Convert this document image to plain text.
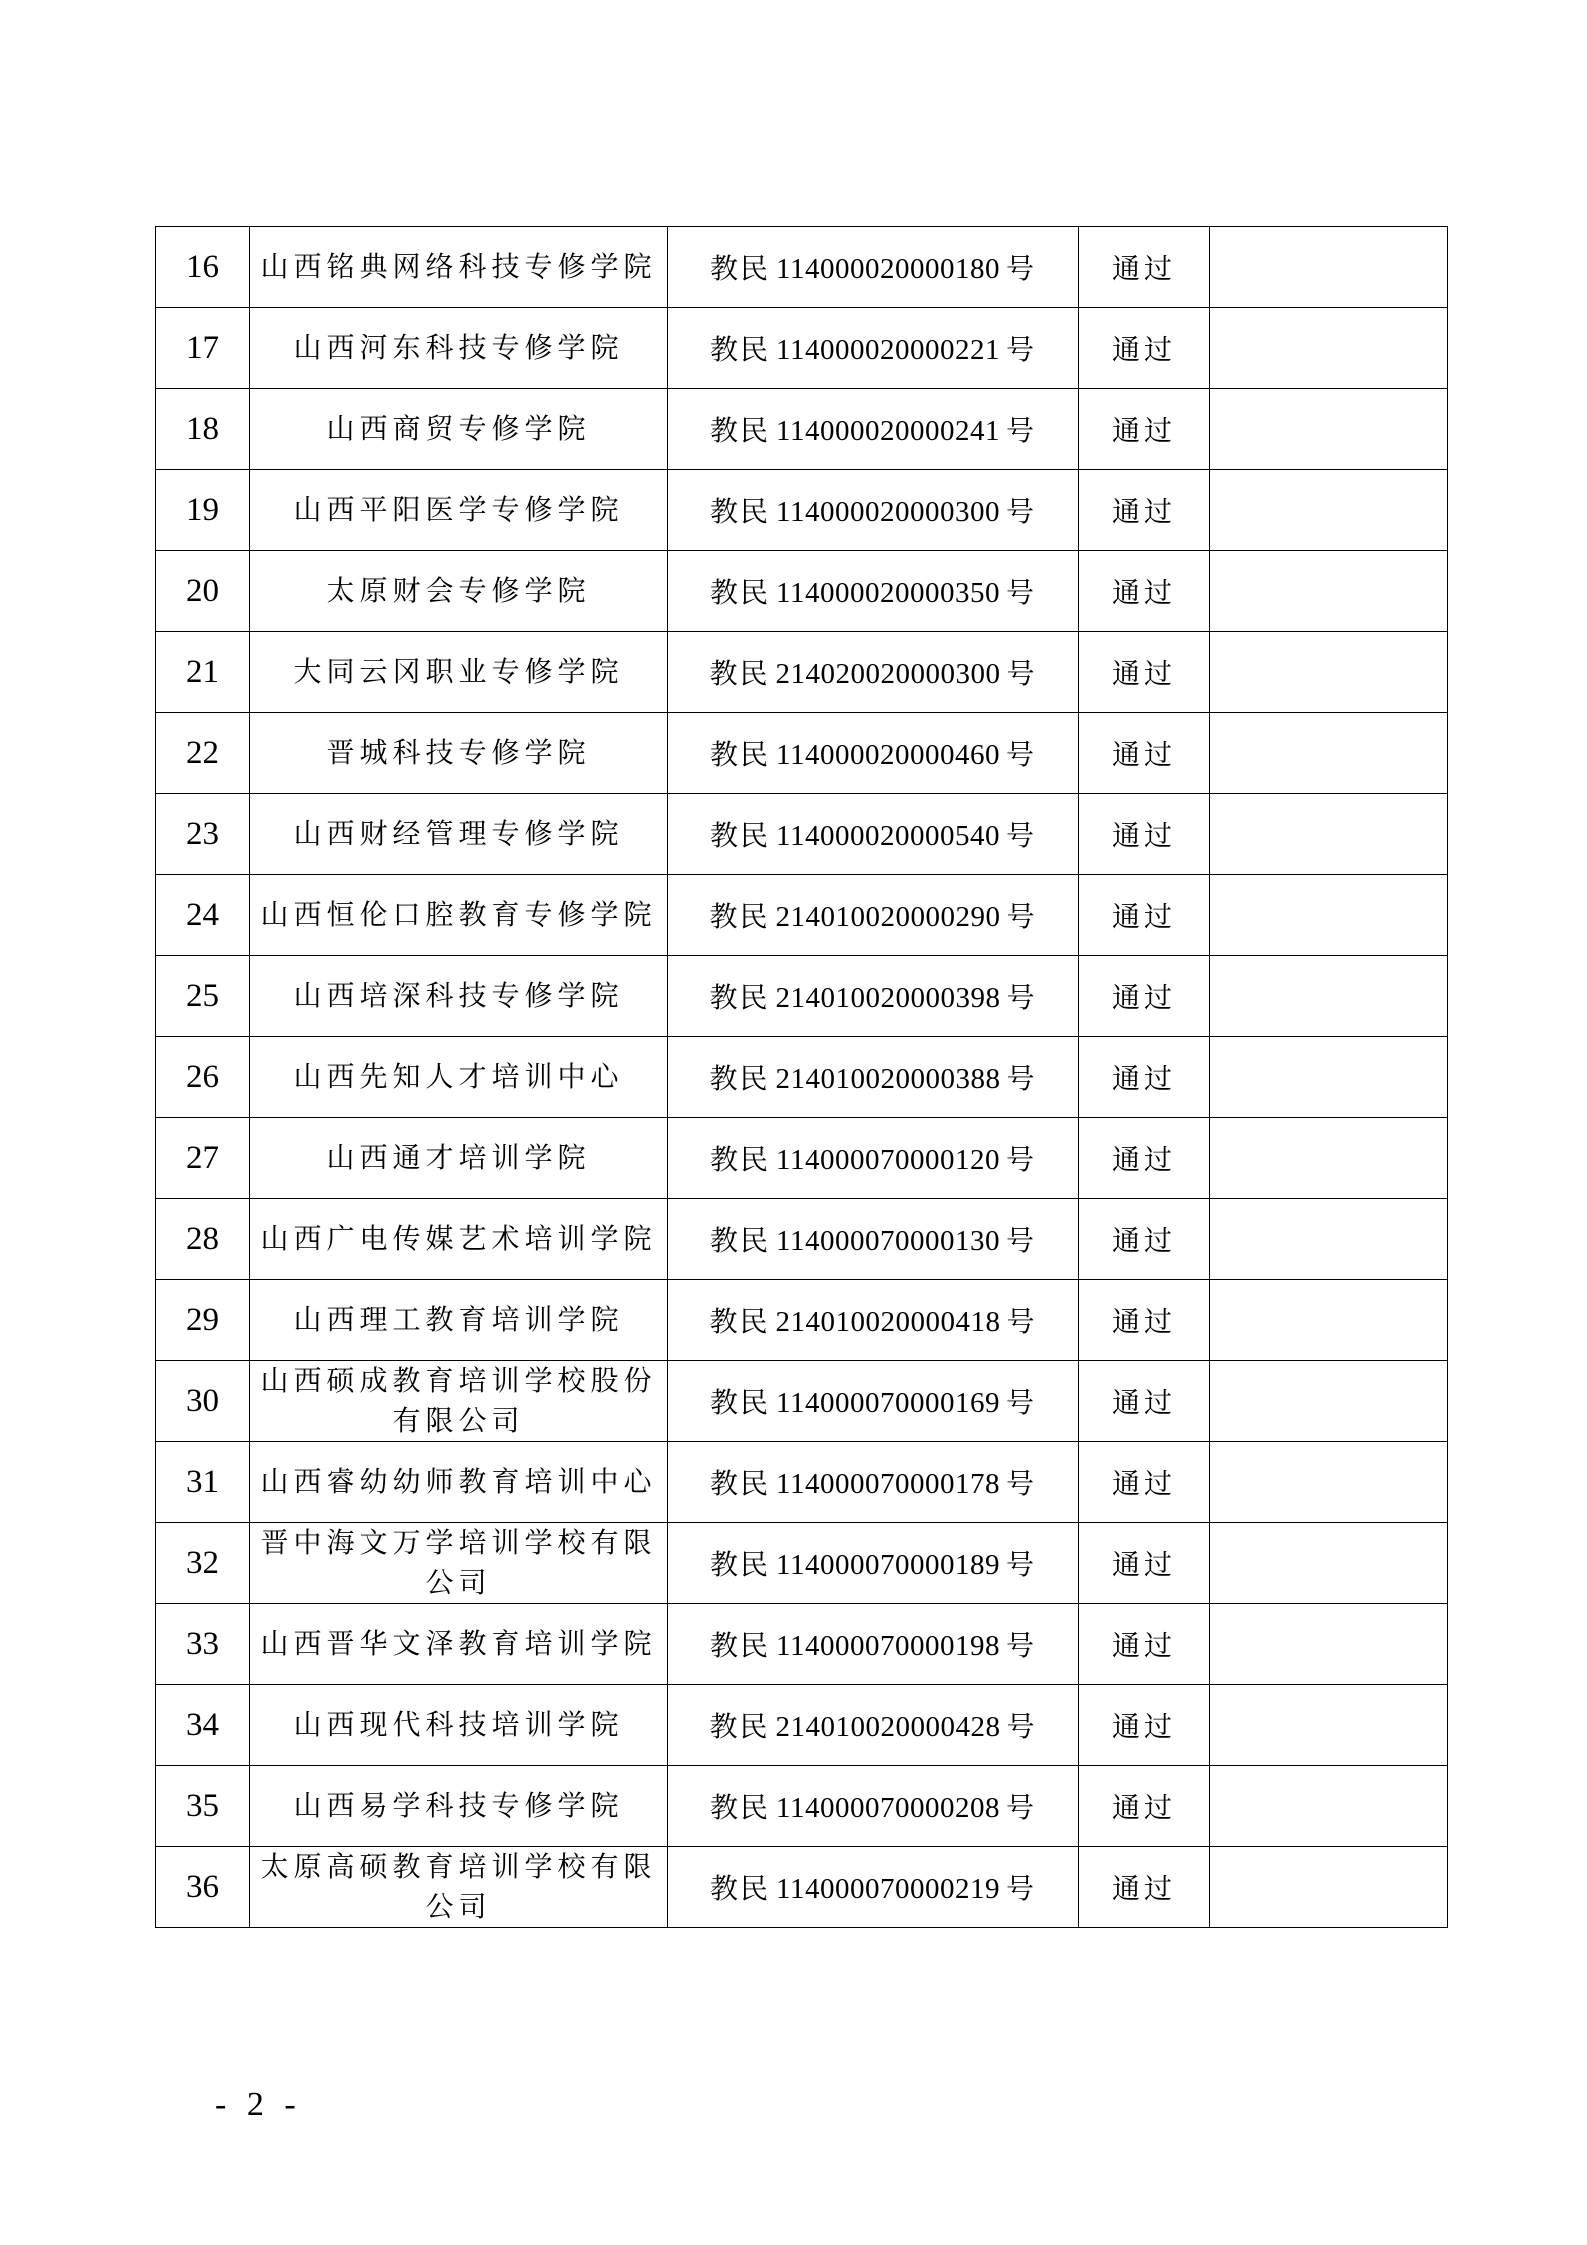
16	山西铭典网络科技专修学院	教民 114000020000180 号	通过	
17	山西河东科技专修学院	教民 114000020000221 号	通过	
18	山西商贸专修学院	教民 114000020000241 号	通过	
19	山西平阳医学专修学院	教民 114000020000300 号	通过	
20	太原财会专修学院	教民 114000020000350 号	通过	
21	大同云冈职业专修学院	教民 214020020000300 号	通过	
22	晋城科技专修学院	教民 114000020000460 号	通过	
23	山西财经管理专修学院	教民 114000020000540 号	通过	
24	山西恒伦口腔教育专修学院	教民 214010020000290 号	通过	
25	山西培深科技专修学院	教民 214010020000398 号	通过	
26	山西先知人才培训中心	教民 214010020000388 号	通过	
27	山西通才培训学院	教民 114000070000120 号	通过	
28	山西广电传媒艺术培训学院	教民 114000070000130 号	通过	
29	山西理工教育培训学院	教民 214010020000418 号	通过	
30	山西硕成教育培训学校股份有限公司	教民 114000070000169 号	通过	
31	山西睿幼幼师教育培训中心	教民 114000070000178 号	通过	
32	晋中海文万学培训学校有限公司	教民 114000070000189 号	通过	
33	山西晋华文泽教育培训学院	教民 114000070000198 号	通过	
34	山西现代科技培训学院	教民 214010020000428 号	通过	
35	山西易学科技专修学院	教民 114000070000208 号	通过	
36	太原高硕教育培训学校有限公司	教民 114000070000219 号	通过	
- 2 -
